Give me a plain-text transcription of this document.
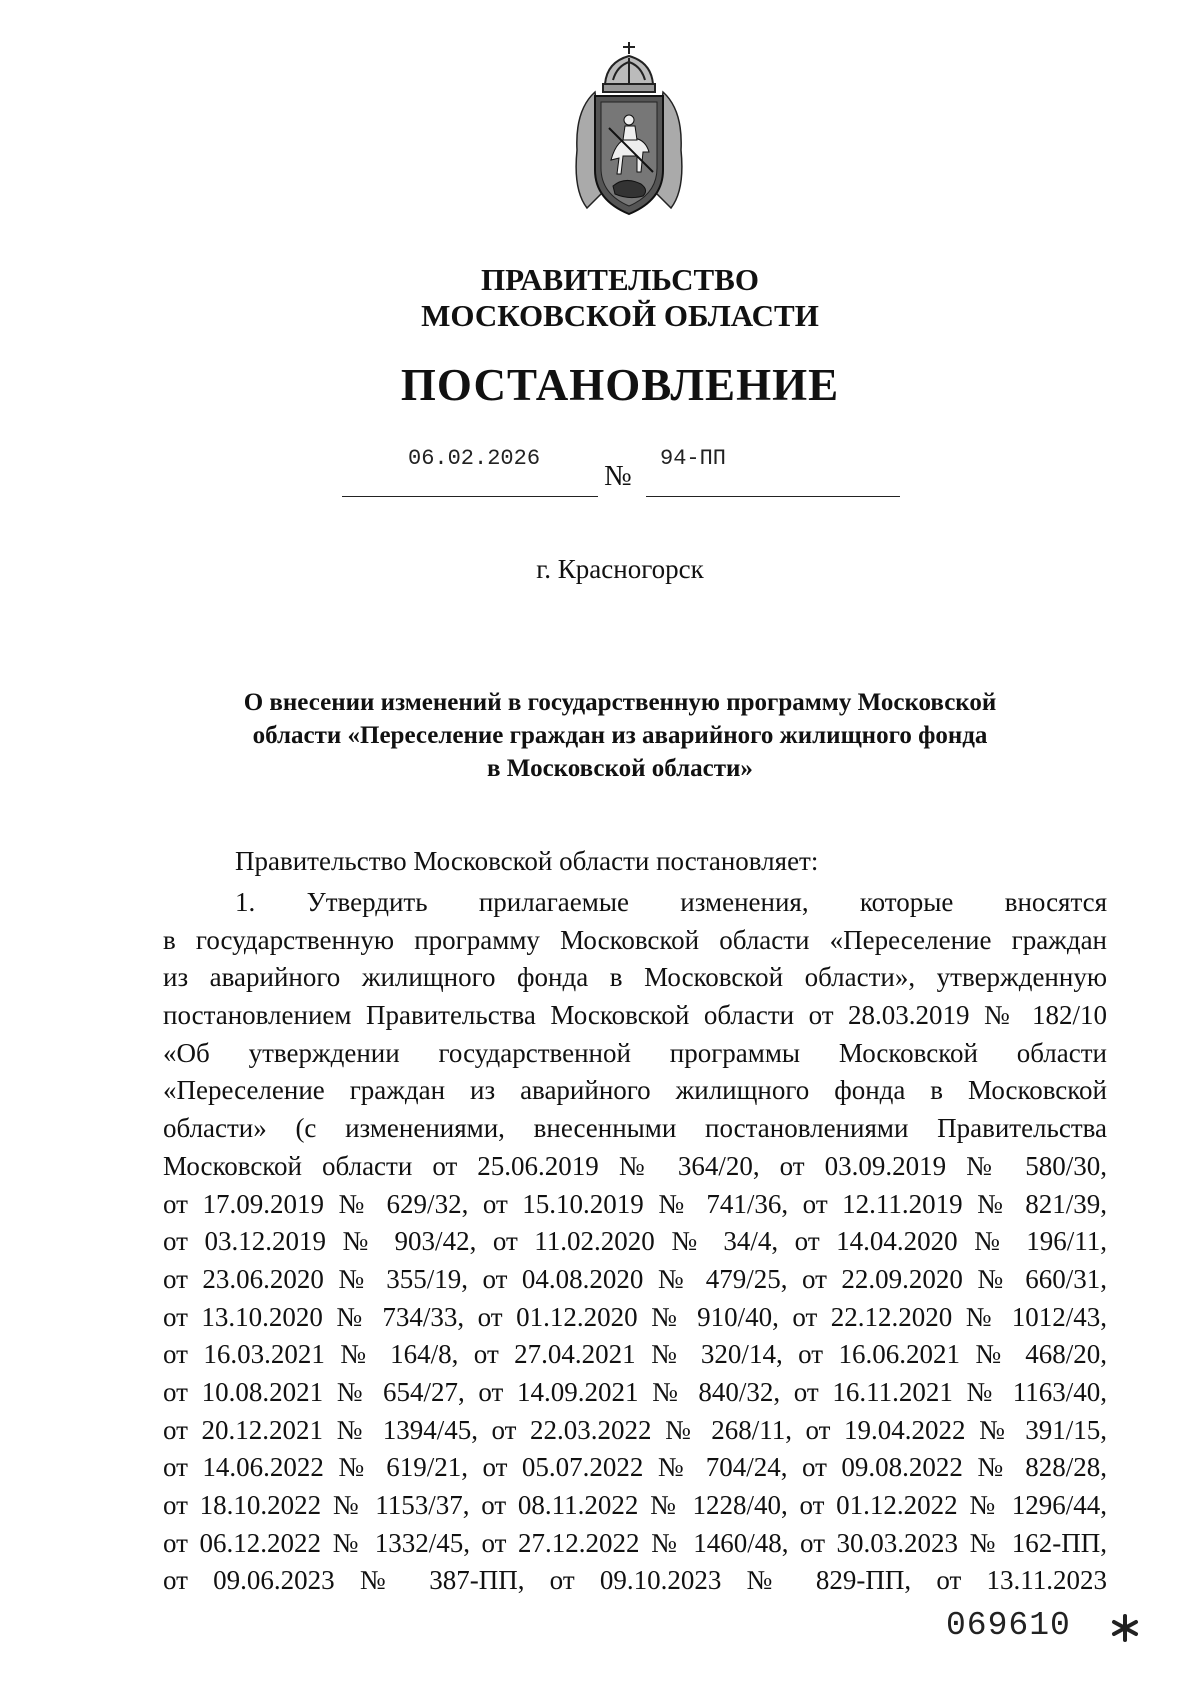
ПРАВИТЕЛЬСТВО
МОСКОВСКОЙ ОБЛАСТИ
ПОСТАНОВЛЕНИЕ
06.02.2026
№
94-ПП
г. Красногорск
О внесении изменений в государственную программу Московской
области «Переселение граждан из аварийного жилищного фонда
в Московской области»
Правительство Московской области постановляет:
1. Утвердить прилагаемые изменения, которые вносятся
в государственную программу Московской области «Переселение граждан
из аварийного жилищного фонда в Московской области», утвержденную
постановлением Правительства Московской области от 28.03.2019 № 182/10
«Об утверждении государственной программы Московской области
«Переселение граждан из аварийного жилищного фонда в Московской
области» (с изменениями, внесенными постановлениями Правительства
Московской области от 25.06.2019 № 364/20, от 03.09.2019 № 580/30,
от 17.09.2019 № 629/32, от 15.10.2019 № 741/36, от 12.11.2019 № 821/39,
от 03.12.2019 № 903/42, от 11.02.2020 № 34/4, от 14.04.2020 № 196/11,
от 23.06.2020 № 355/19, от 04.08.2020 № 479/25, от 22.09.2020 № 660/31,
от 13.10.2020 № 734/33, от 01.12.2020 № 910/40, от 22.12.2020 № 1012/43,
от 16.03.2021 № 164/8, от 27.04.2021 № 320/14, от 16.06.2021 № 468/20,
от 10.08.2021 № 654/27, от 14.09.2021 № 840/32, от 16.11.2021 № 1163/40,
от 20.12.2021 № 1394/45, от 22.03.2022 № 268/11, от 19.04.2022 № 391/15,
от 14.06.2022 № 619/21, от 05.07.2022 № 704/24, от 09.08.2022 № 828/28,
от 18.10.2022 № 1153/37, от 08.11.2022 № 1228/40, от 01.12.2022 № 1296/44,
от 06.12.2022 № 1332/45, от 27.12.2022 № 1460/48, от 30.03.2023 № 162-ПП,
от 09.06.2023 № 387-ПП, от 09.10.2023 № 829-ПП, от 13.11.2023
069610
